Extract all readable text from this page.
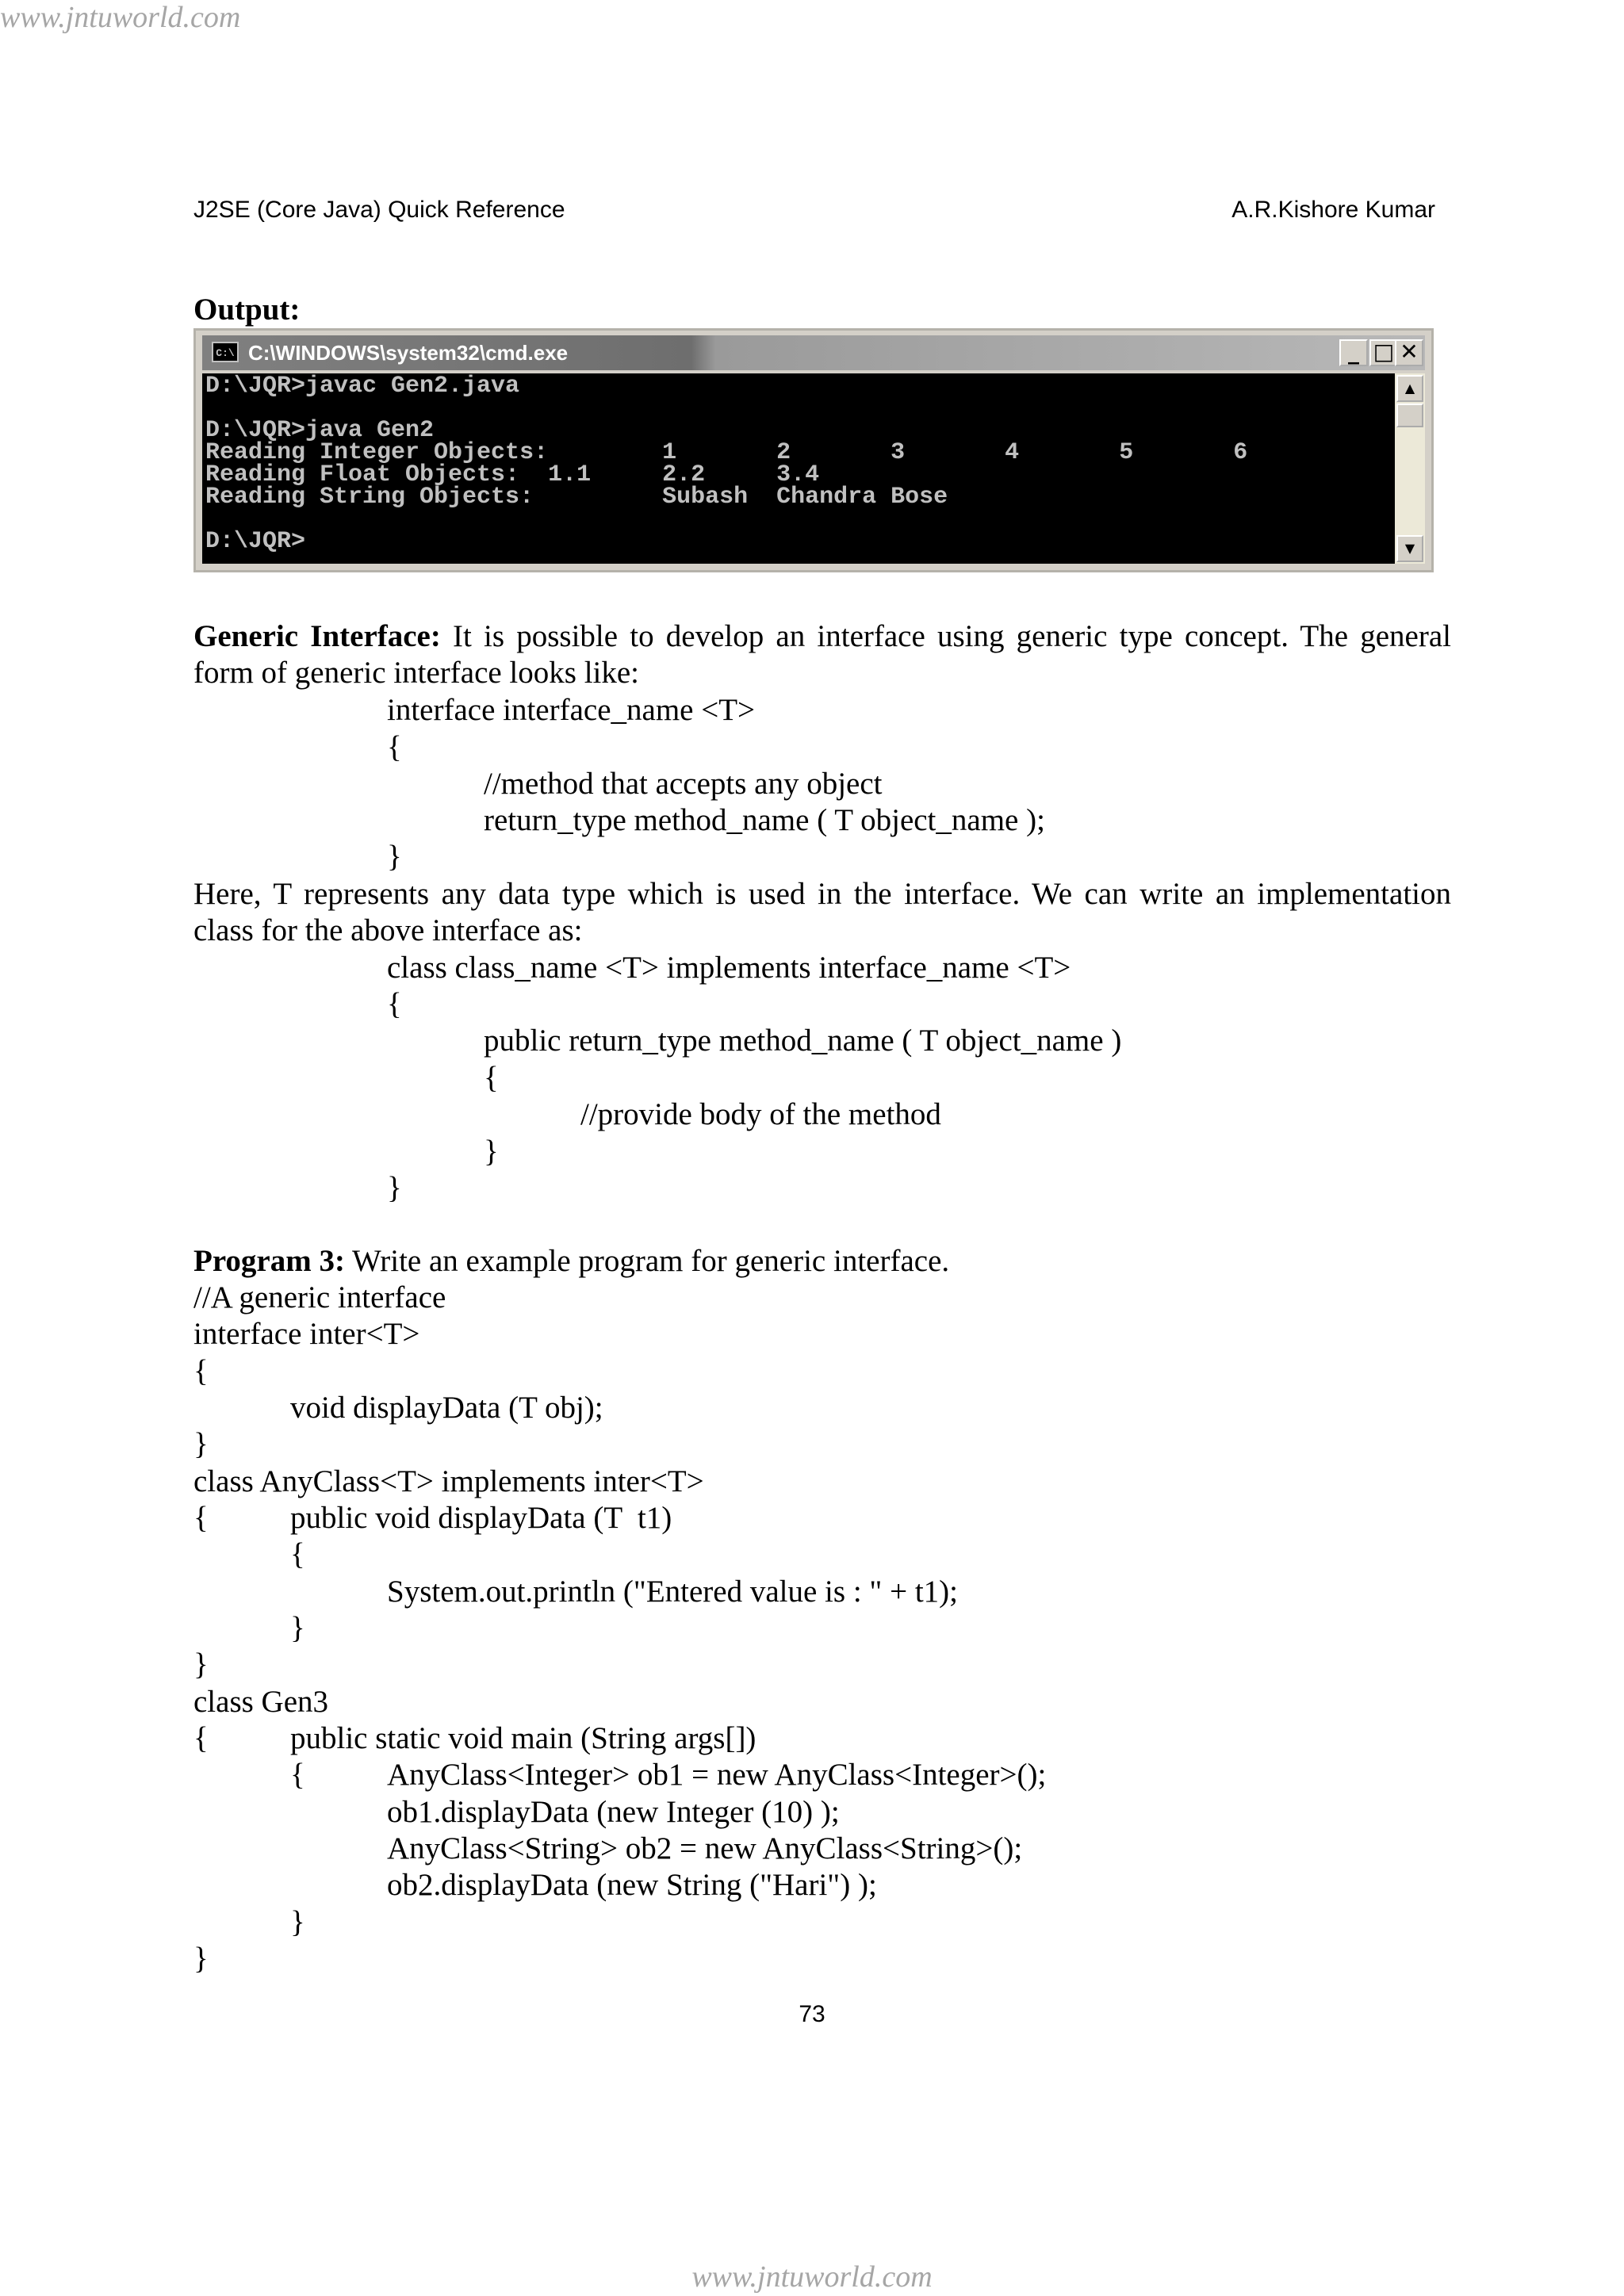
www.jntuworld.com
J2SE (Core Java) Quick Reference	A.R.Kishore Kumar
Output:
C:\ C:\WINDOWS\system32\cmd.exe	_ □ ✕
D:\JQR>javac Gen2.java
D:\JQR>java Gen2
Reading Integer Objects:        1       2       3       4       5       6
Reading Float Objects:  1.1     2.2     3.4
Reading String Objects:         Subash  Chandra Bose
D:\JQR>
▲
▼
Generic Interface: It is possible to develop an interface using generic type concept. The general
form of generic interface looks like:
interface interface_name <T>
{
//method that accepts any object
return_type method_name ( T object_name );
}
Here, T represents any data type which is used in the interface. We can write an implementation
class for the above interface as:
class class_name <T> implements interface_name <T>
{
public return_type method_name ( T object_name )
{
//provide body of the method
}
}
Program 3: Write an example program for generic interface.
//A generic interface
interface inter<T>
{
void displayData (T obj);
}
class AnyClass<T> implements inter<T>
{	public void displayData (T  t1)
{
System.out.println ("Entered value is : " + t1);
}
}
class Gen3
{	public static void main (String args[])
{	AnyClass<Integer> ob1 = new AnyClass<Integer>();
ob1.displayData (new Integer (10) );
AnyClass<String> ob2 = new AnyClass<String>();
ob2.displayData (new String ("Hari") );
}
}
73
www.jntuworld.com
